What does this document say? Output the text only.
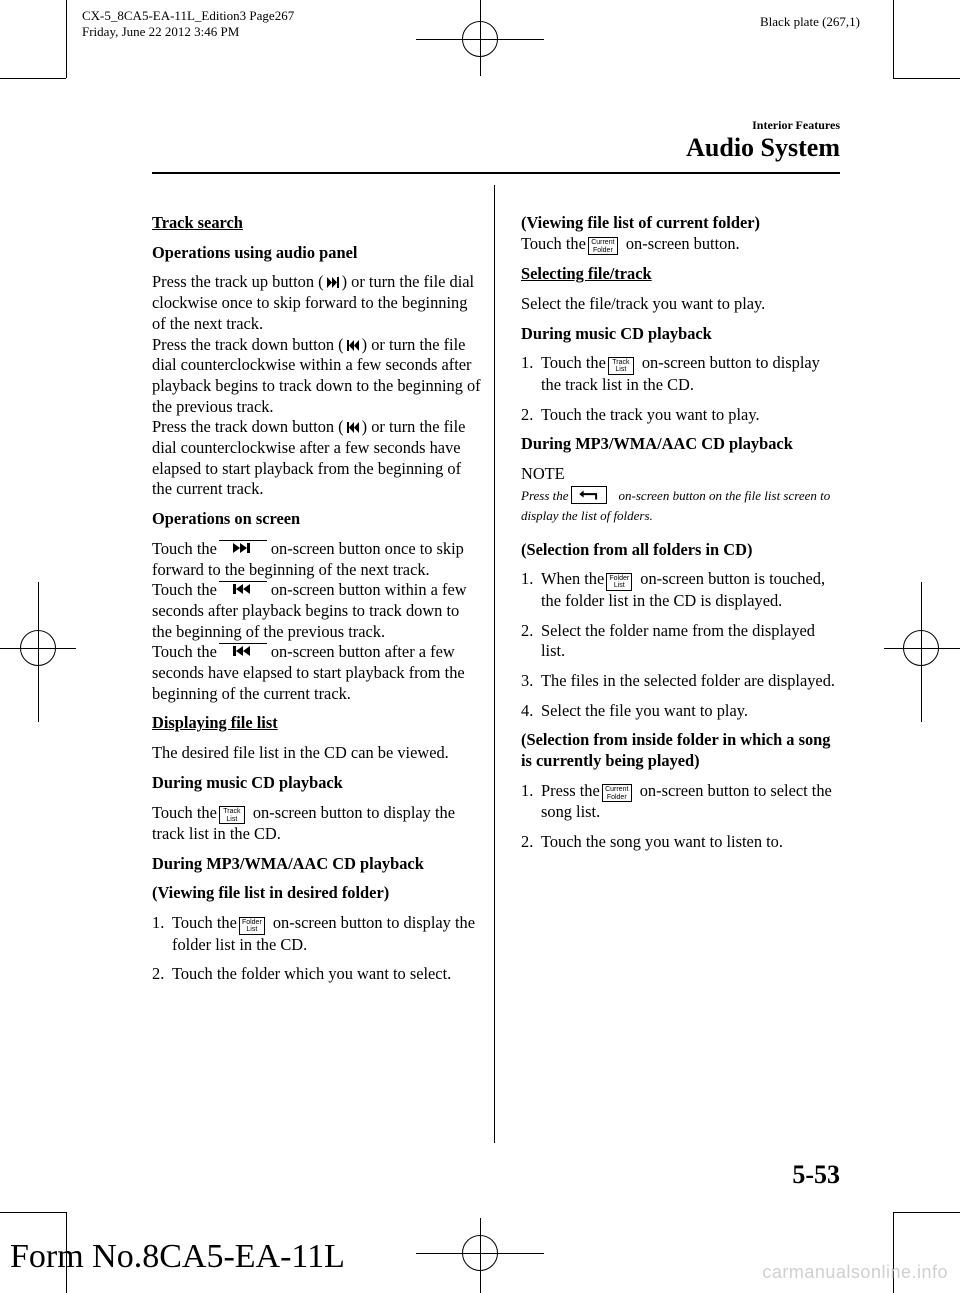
CX-5_8CA5-EA-11L_Edition3 Page267
Friday, June 22 2012 3:46 PM
Black plate (267,1)
Interior Features
Audio System

Track search

Operations using audio panel

Press the track up button ( ) or turn the file dial clockwise once to skip forward to the beginning of the next track.

Press the track down button ( ) or turn the file dial counterclockwise within a few seconds after playback begins to track down to the beginning of the previous track.

Press the track down button ( ) or turn the file dial counterclockwise after a few seconds have elapsed to start playback from the beginning of the current track.

Operations on screen

Touch the	on-screen button once to skip forward to the beginning of the next track.

Touch the	on-screen button within a few seconds after playback begins to track down to the beginning of the previous track.

Touch the	on-screen button after a few seconds have elapsed to start playback from the beginning of the current track.

Displaying file list

The desired file list in the CD can be viewed.

During music CD playback

Touch the Track
List on-screen button to display the track list in the CD.

During MP3/WMA/AAC CD playback

(Viewing file list in desired folder)

1. Touch the Folder
List on-screen button to display the folder list in the CD.

2. Touch the folder which you want to select.

(Viewing file list of current folder)

Touch the Current
Folder on-screen button.

Selecting file/track

Select the file/track you want to play.

During music CD playback

1. Touch the Track
List on-screen button to display the track list in the CD.

2. Touch the track you want to play.

During MP3/WMA/AAC CD playback

NOTE

Press the	on-screen button on the file list screen to display the list of folders.

(Selection from all folders in CD)

1. When the Folder
List on-screen button is touched, the folder list in the CD is displayed.

2. Select the folder name from the displayed list.

3. The files in the selected folder are displayed.

4. Select the file you want to play.

(Selection from inside folder in which a song is currently being played)

1. Press the Current
Folder on-screen button to select the song list.

2. Touch the song you want to listen to.

5-53
Form No.8CA5-EA-11L	carmanualsonline.info
